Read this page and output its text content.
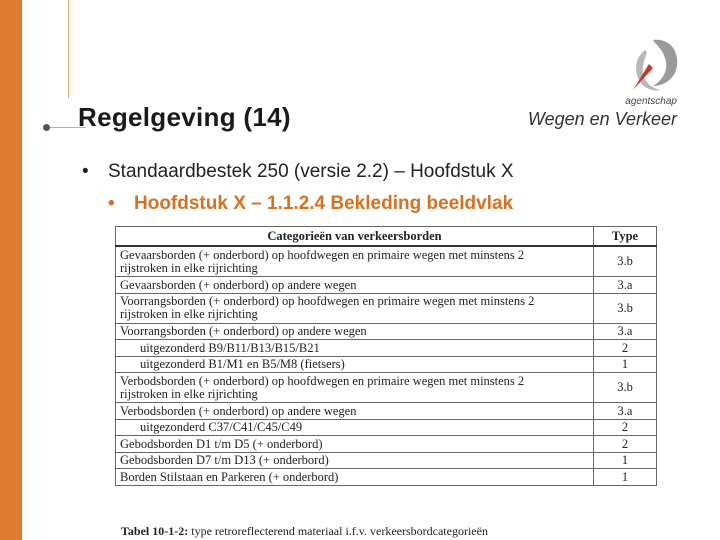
Regelgeving (14)
agentschap
Wegen en Verkeer
• Standaardbestek 250 (versie 2.2) – Hoofdstuk X
• Hoofdstuk X – 1.1.2.4 Bekleding beeldvlak
Categorieën van verkeersborden	Type
Gevaarsborden (+ onderbord) op hoofdwegen en primaire wegen met minstens 2
rijstroken in elke rijrichting	3.b
Gevaarsborden (+ onderbord) op andere wegen	3.a
Voorrangsborden (+ onderbord) op hoofdwegen en primaire wegen met minstens 2
rijstroken in elke rijrichting	3.b
Voorrangsborden (+ onderbord) op andere wegen	3.a
uitgezonderd B9/B11/B13/B15/B21	2
uitgezonderd B1/M1 en B5/M8 (fietsers)	1
Verbodsborden (+ onderbord) op hoofdwegen en primaire wegen met minstens 2
rijstroken in elke rijrichting	3.b
Verbodsborden (+ onderbord) op andere wegen	3.a
uitgezonderd C37/C41/C45/C49	2
Gebodsborden D1 t/m D5 (+ onderbord)	2
Gebodsborden D7 t/m D13 (+ onderbord)	1
Borden Stilstaan en Parkeren (+ onderbord)	1
Tabel 10-1-2: type retroreflecterend materiaal i.f.v. verkeersbordcategorieën
